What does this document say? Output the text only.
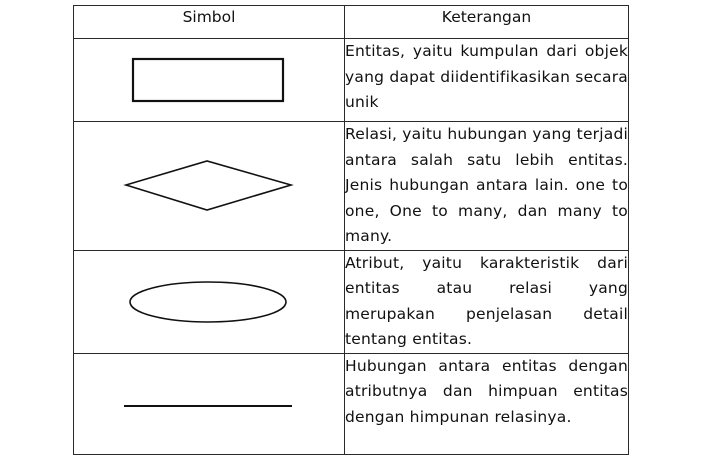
Simbol	Keterangan

	Entitas, yaitu kumpulan dari objek yang dapat diidentifikasikan secara unik

	Relasi, yaitu hubungan yang terjadi antara salah satu lebih entitas. Jenis hubungan antara lain. one to one, One to many, dan many to many.

	Atribut, yaitu karakteristik dari entitas atau relasi yang merupakan penjelasan detail tentang entitas.

	Hubungan antara entitas dengan atributnya dan himpuan entitas dengan himpunan relasinya.
